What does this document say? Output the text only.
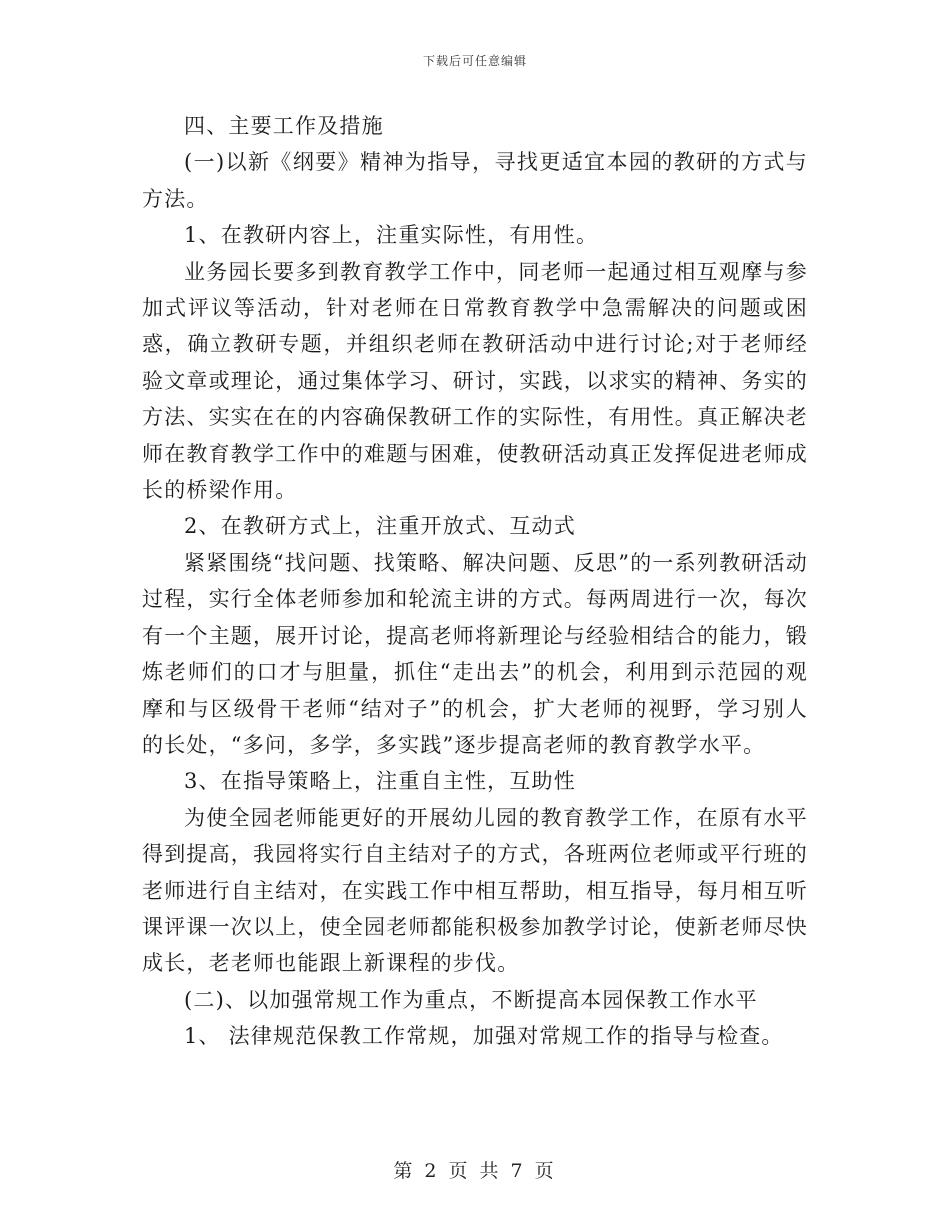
下载后可任意编辑

四、主要工作及措施

(一)以新《纲要》精神为指导，寻找更适宜本园的教研的方式与方法。

1、在教研内容上，注重实际性，有用性。

业务园长要多到教育教学工作中，同老师一起通过相互观摩与参加式评议等活动，针对老师在日常教育教学中急需解决的问题或困惑，确立教研专题，并组织老师在教研活动中进行讨论;对于老师经验文章或理论，通过集体学习、研讨，实践，以求实的精神、务实的方法、实实在在的内容确保教研工作的实际性，有用性。真正解决老师在教育教学工作中的难题与困难，使教研活动真正发挥促进老师成长的桥梁作用。

2、在教研方式上，注重开放式、互动式

紧紧围绕“找问题、找策略、解决问题、反思”的一系列教研活动过程，实行全体老师参加和轮流主讲的方式。每两周进行一次，每次有一个主题，展开讨论，提高老师将新理论与经验相结合的能力，锻炼老师们的口才与胆量，抓住“走出去”的机会，利用到示范园的观摩和与区级骨干老师“结对子”的机会，扩大老师的视野，学习别人的长处，“多问，多学，多实践”逐步提高老师的教育教学水平。

3、在指导策略上，注重自主性，互助性

为使全园老师能更好的开展幼儿园的教育教学工作，在原有水平得到提高，我园将实行自主结对子的方式，各班两位老师或平行班的老师进行自主结对，在实践工作中相互帮助，相互指导，每月相互听课评课一次以上，使全园老师都能积极参加教学讨论，使新老师尽快成长，老老师也能跟上新课程的步伐。

(二)、以加强常规工作为重点，不断提高本园保教工作水平

1、 法律规范保教工作常规，加强对常规工作的指导与检查。

第 2 页 共 7 页
